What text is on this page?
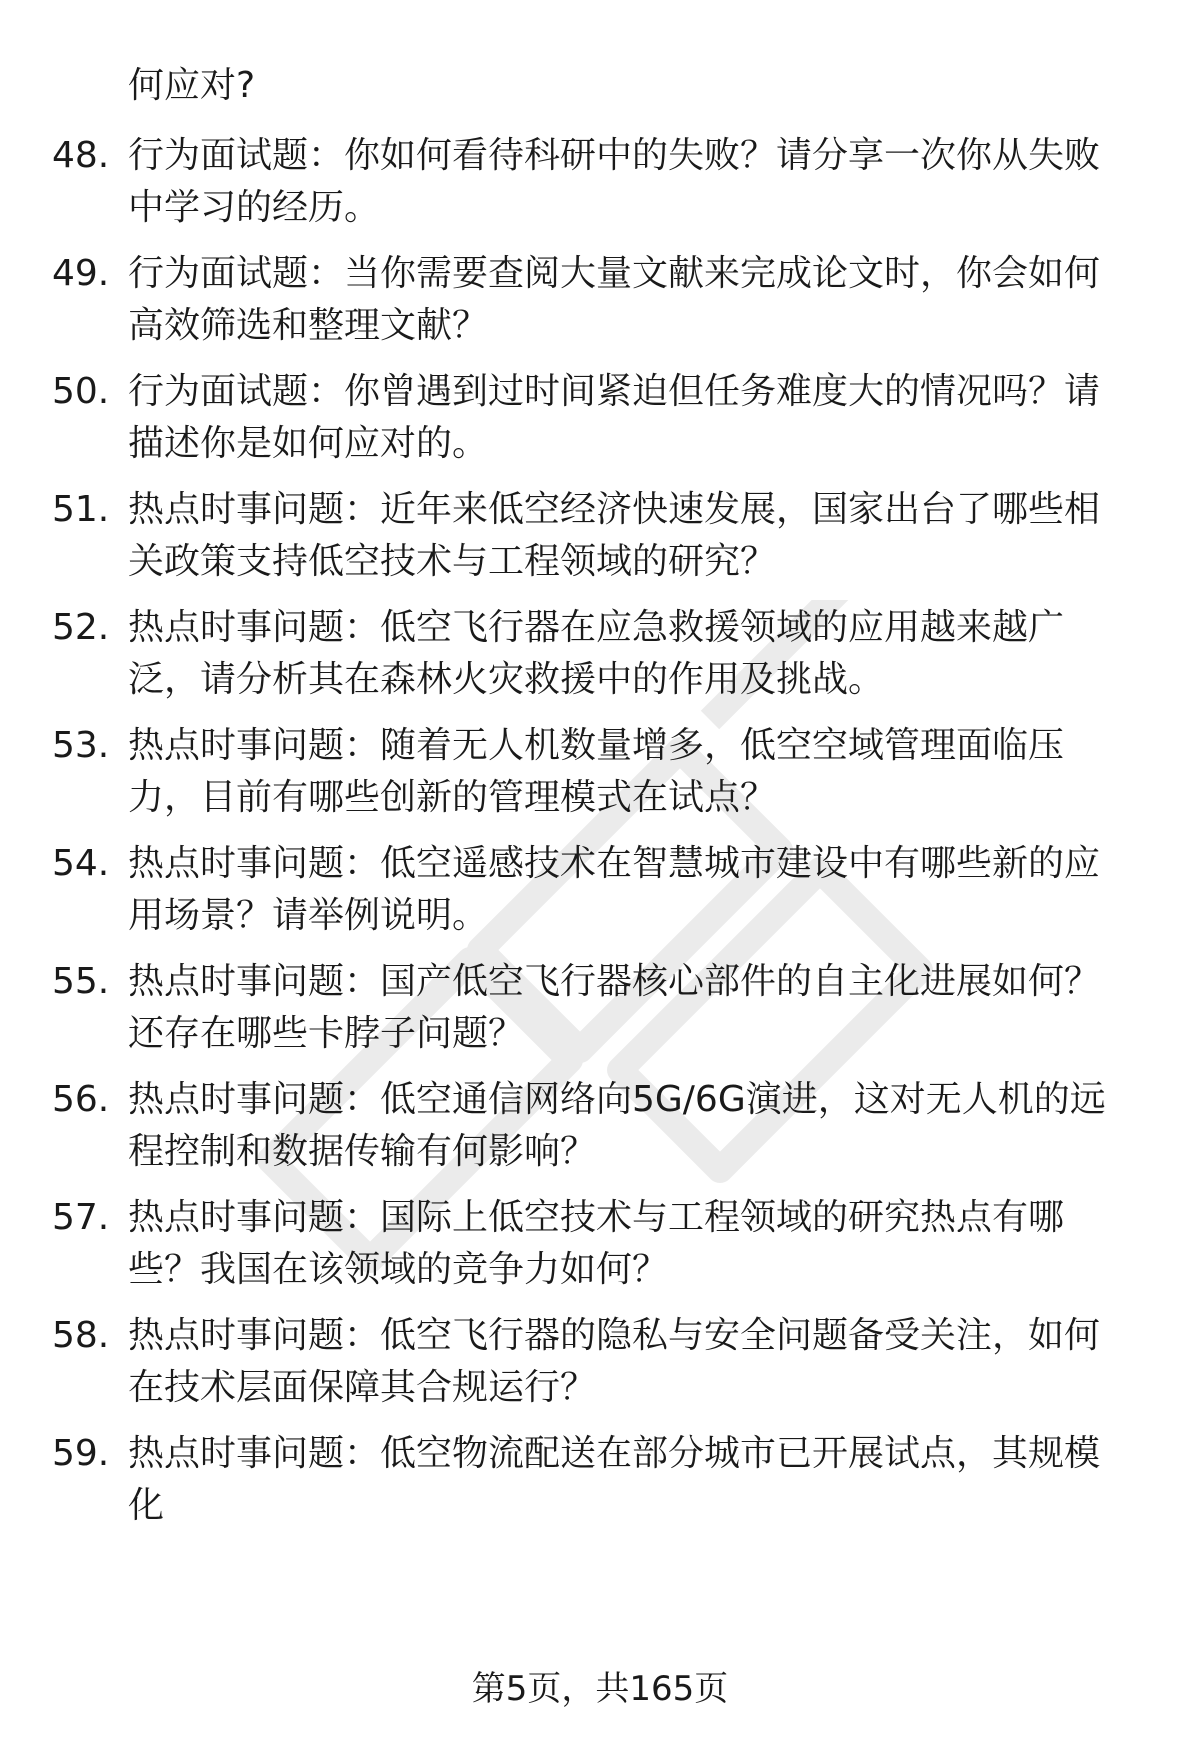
何应对?
48. 行为面试题：你如何看待科研中的失败？请分享一次你从失败中学习的经历。
49. 行为面试题：当你需要查阅大量文献来完成论文时，你会如何高效筛选和整理文献？
50. 行为面试题：你曾遇到过时间紧迫但任务难度大的情况吗？请描述你是如何应对的。
51. 热点时事问题：近年来低空经济快速发展，国家出台了哪些相关政策支持低空技术与工程领域的研究？
52. 热点时事问题：低空飞行器在应急救援领域的应用越来越广泛，请分析其在森林火灾救援中的作用及挑战。
53. 热点时事问题：随着无人机数量增多，低空空域管理面临压力，目前有哪些创新的管理模式在试点？
54. 热点时事问题：低空遥感技术在智慧城市建设中有哪些新的应用场景？请举例说明。
55. 热点时事问题：国产低空飞行器核心部件的自主化进展如何？还存在哪些卡脖子问题？
56. 热点时事问题：低空通信网络向5G/6G演进，这对无人机的远程控制和数据传输有何影响？
57. 热点时事问题：国际上低空技术与工程领域的研究热点有哪些？我国在该领域的竞争力如何？
58. 热点时事问题：低空飞行器的隐私与安全问题备受关注，如何在技术层面保障其合规运行？
59. 热点时事问题：低空物流配送在部分城市已开展试点，其规模化
第5页，共165页
